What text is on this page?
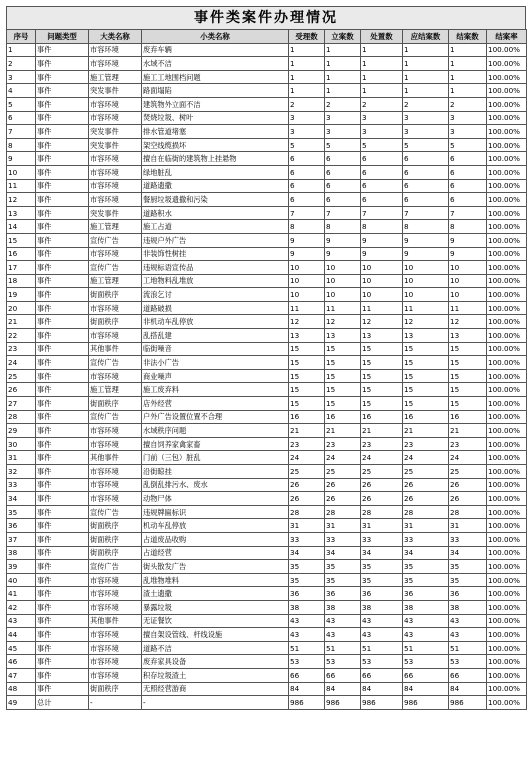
事件类案件办理情况
序号	问题类型	大类名称	小类名称	受理数	立案数	处置数	应结案数	结案数	结案率
1	事件	市容环境	废弃车辆	1	1	1	1	1	100.00%
2	事件	市容环境	水域不洁	1	1	1	1	1	100.00%
3	事件	施工管理	施工工地围档问题	1	1	1	1	1	100.00%
4	事件	突发事件	路面塌陷	1	1	1	1	1	100.00%
5	事件	市容环境	建筑物外立面不洁	2	2	2	2	2	100.00%
6	事件	市容环境	焚烧垃圾、树叶	3	3	3	3	3	100.00%
7	事件	突发事件	排水管道堵塞	3	3	3	3	3	100.00%
8	事件	突发事件	架空线缆损坏	5	5	5	5	5	100.00%
9	事件	市容环境	擅自在临街的建筑物上挂悬物	6	6	6	6	6	100.00%
10	事件	市容环境	绿地脏乱	6	6	6	6	6	100.00%
11	事件	市容环境	道路遗撒	6	6	6	6	6	100.00%
12	事件	市容环境	餐厨垃圾遗撒和污染	6	6	6	6	6	100.00%
13	事件	突发事件	道路积水	7	7	7	7	7	100.00%
14	事件	施工管理	施工占道	8	8	8	8	8	100.00%
15	事件	宣传广告	违规户外广告	9	9	9	9	9	100.00%
16	事件	市容环境	非装饰性树挂	9	9	9	9	9	100.00%
17	事件	宣传广告	违规标语宣传品	10	10	10	10	10	100.00%
18	事件	施工管理	工地物料乱堆放	10	10	10	10	10	100.00%
19	事件	街面秩序	流浪乞讨	10	10	10	10	10	100.00%
20	事件	市容环境	道路破损	11	11	11	11	11	100.00%
21	事件	街面秩序	非机动车乱停放	12	12	12	12	12	100.00%
22	事件	市容环境	乱搭乱建	13	13	13	13	13	100.00%
23	事件	其他事件	临街噪音	15	15	15	15	15	100.00%
24	事件	宣传广告	非法小广告	15	15	15	15	15	100.00%
25	事件	市容环境	商业噪声	15	15	15	15	15	100.00%
26	事件	施工管理	施工废弃料	15	15	15	15	15	100.00%
27	事件	街面秩序	店外经营	15	15	15	15	15	100.00%
28	事件	宣传广告	户外广告设置位置不合理	16	16	16	16	16	100.00%
29	事件	市容环境	水域秩序问题	21	21	21	21	21	100.00%
30	事件	市容环境	擅自饲养家禽家畜	23	23	23	23	23	100.00%
31	事件	其他事件	门前（三包）脏乱	24	24	24	24	24	100.00%
32	事件	市容环境	沿街晾挂	25	25	25	25	25	100.00%
33	事件	市容环境	乱倒乱排污水、废水	26	26	26	26	26	100.00%
34	事件	市容环境	动物尸体	26	26	26	26	26	100.00%
35	事件	宣传广告	违规牌匾标识	28	28	28	28	28	100.00%
36	事件	街面秩序	机动车乱停放	31	31	31	31	31	100.00%
37	事件	街面秩序	占道废品收购	33	33	33	33	33	100.00%
38	事件	街面秩序	占道经营	34	34	34	34	34	100.00%
39	事件	宣传广告	街头散发广告	35	35	35	35	35	100.00%
40	事件	市容环境	乱堆物堆料	35	35	35	35	35	100.00%
41	事件	市容环境	渣土遗撒	36	36	36	36	36	100.00%
42	事件	市容环境	暴露垃圾	38	38	38	38	38	100.00%
43	事件	其他事件	无证餐饮	43	43	43	43	43	100.00%
44	事件	市容环境	擅自架设管线、杆线设施	43	43	43	43	43	100.00%
45	事件	市容环境	道路不洁	51	51	51	51	51	100.00%
46	事件	市容环境	废弃家具设备	53	53	53	53	53	100.00%
47	事件	市容环境	积存垃圾渣土	66	66	66	66	66	100.00%
48	事件	街面秩序	无照经营游商	84	84	84	84	84	100.00%
49	总计	-	-	986	986	986	986	986	100.00%
